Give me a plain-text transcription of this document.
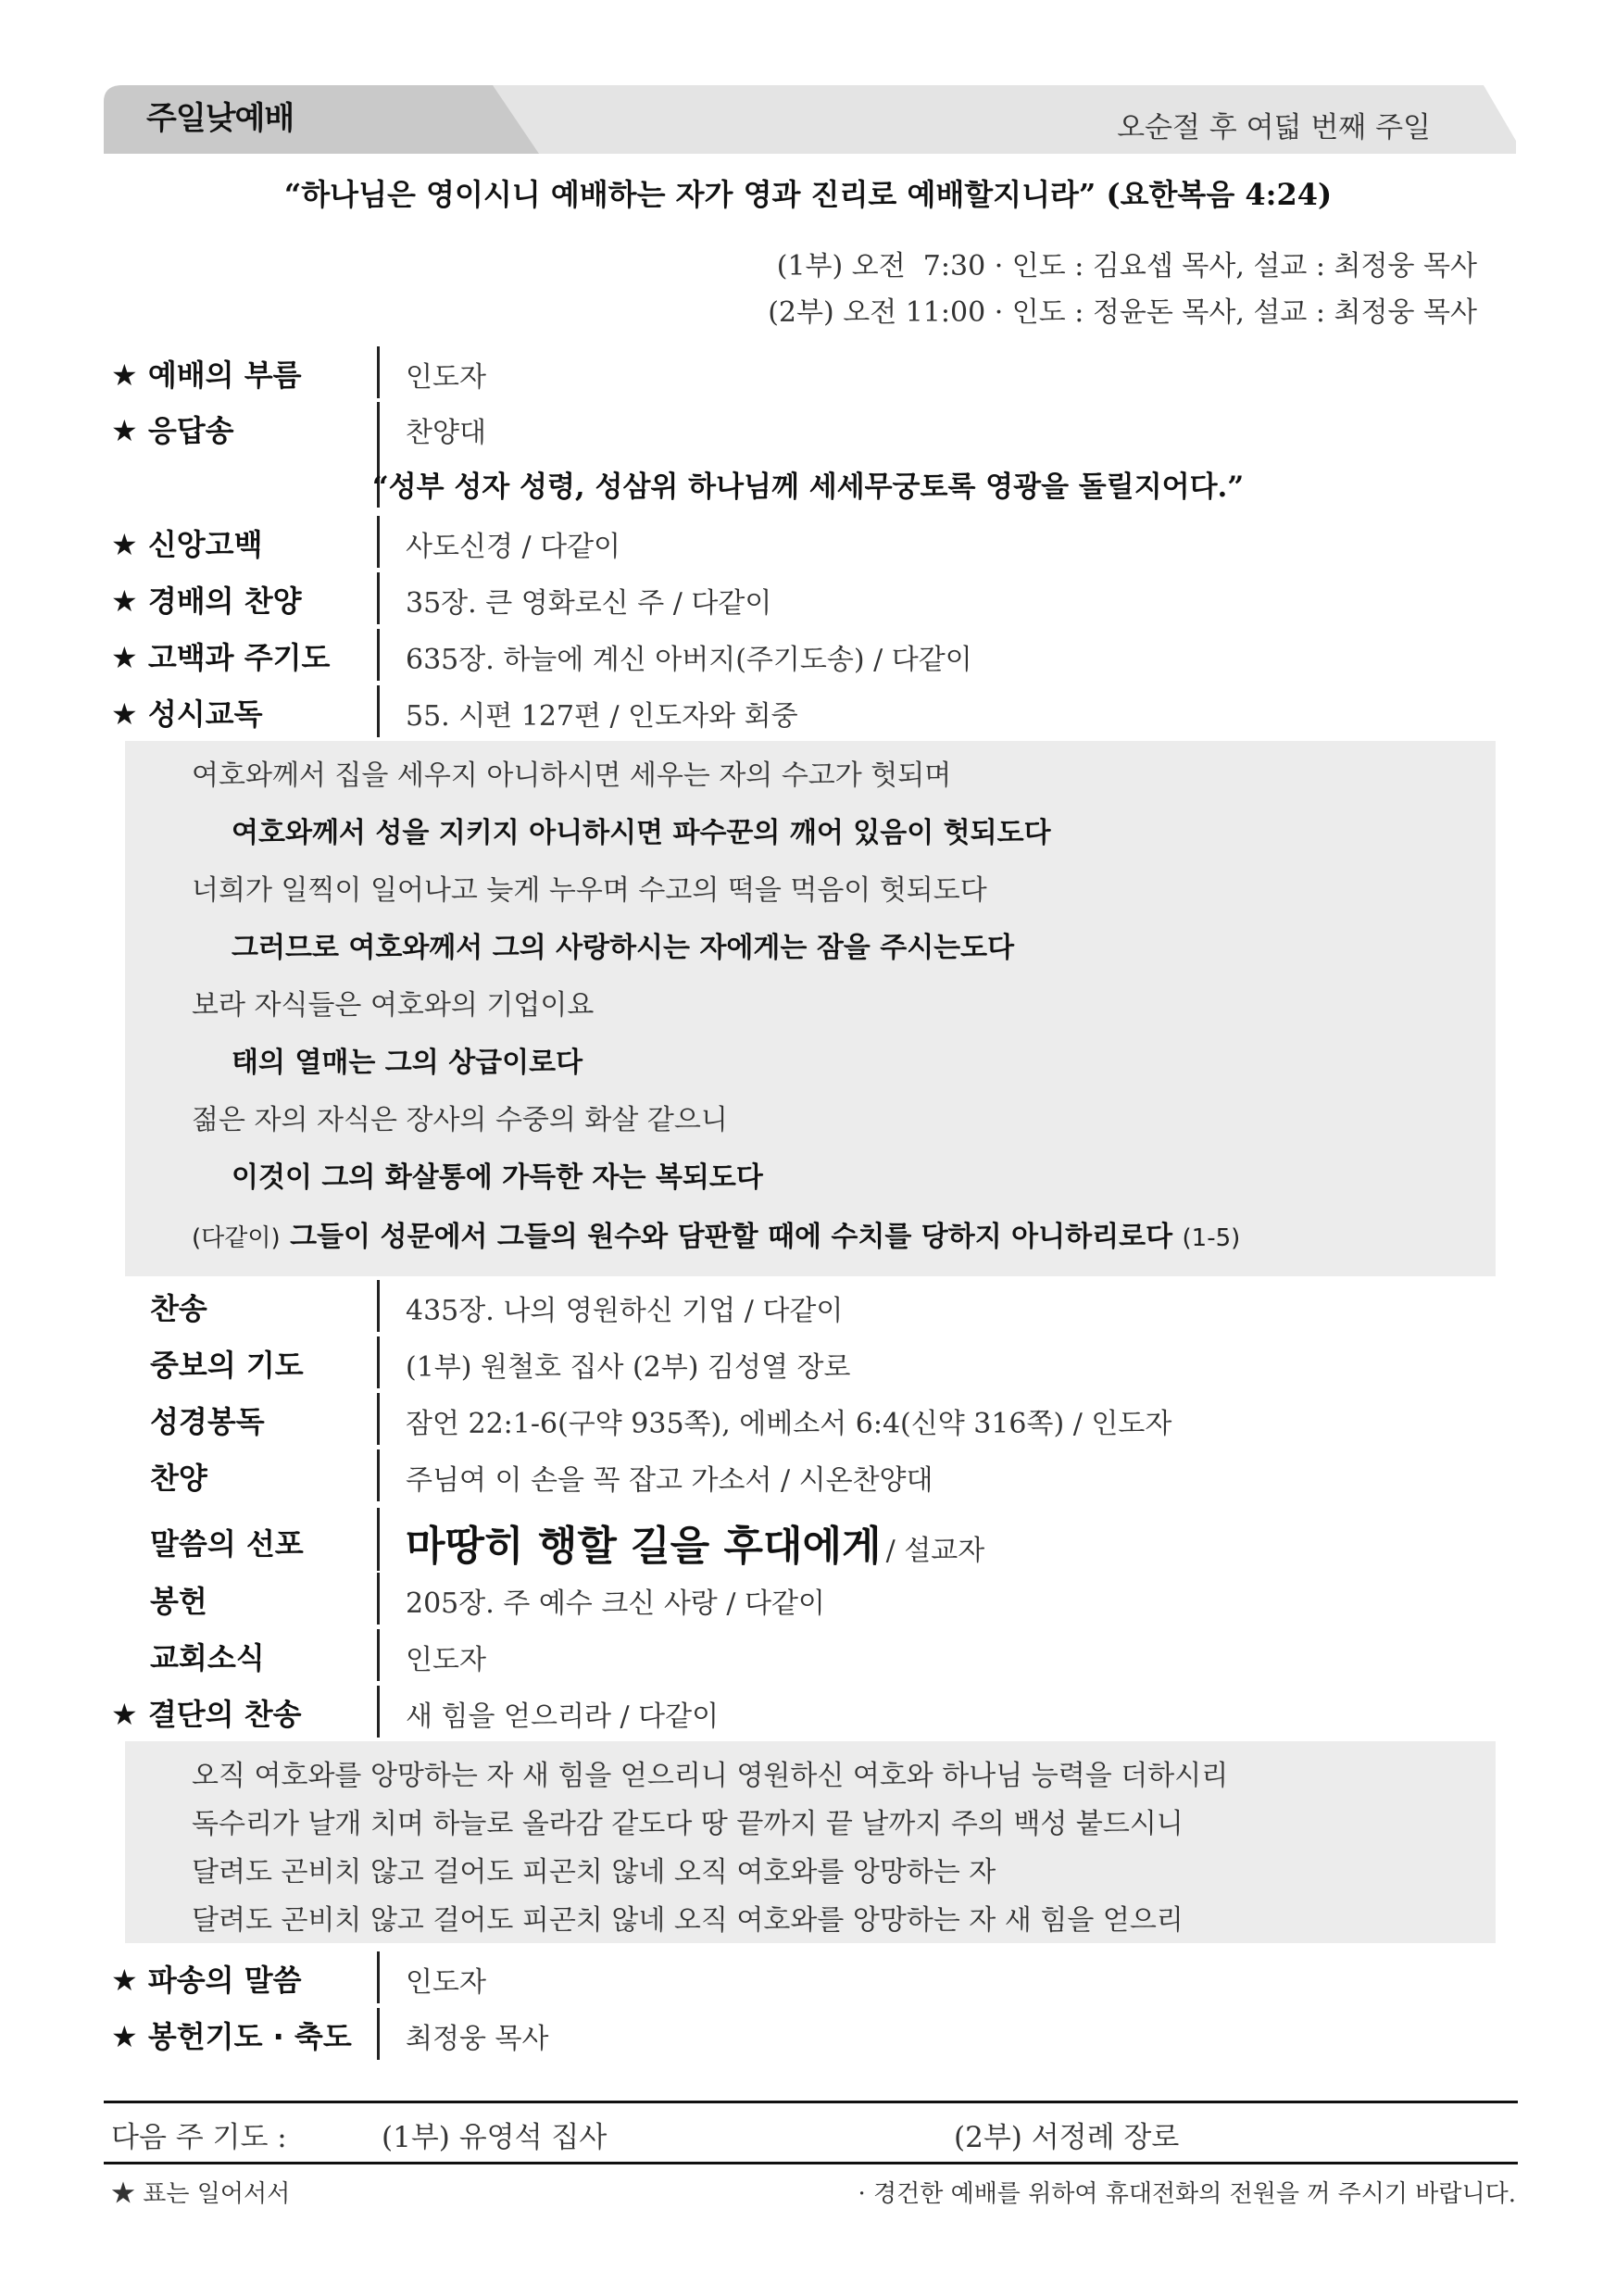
주일낮예배	오순절 후 여덟 번째 주일
“하나님은 영이시니 예배하는 자가 영과 진리로 예배할지니라” (요한복음 4:24)
(1부) 오전  7:30 · 인도 : 김요셉 목사, 설교 : 최정웅 목사
(2부) 오전 11:00 · 인도 : 정윤돈 목사, 설교 : 최정웅 목사
★ 예배의 부름	인도자
★ 응답송	찬양대
“성부 성자 성령, 성삼위 하나님께 세세무궁토록 영광을 돌릴지어다.”
★ 신앙고백	사도신경 / 다같이
★ 경배의 찬양	35장. 큰 영화로신 주 / 다같이
★ 고백과 주기도	635장. 하늘에 계신 아버지(주기도송) / 다같이
★ 성시교독	55. 시편 127편 / 인도자와 회중
여호와께서 집을 세우지 아니하시면 세우는 자의 수고가 헛되며
여호와께서 성을 지키지 아니하시면 파수꾼의 깨어 있음이 헛되도다
너희가 일찍이 일어나고 늦게 누우며 수고의 떡을 먹음이 헛되도다
그러므로 여호와께서 그의 사랑하시는 자에게는 잠을 주시는도다
보라 자식들은 여호와의 기업이요
태의 열매는 그의 상급이로다
젊은 자의 자식은 장사의 수중의 화살 같으니
이것이 그의 화살통에 가득한 자는 복되도다
(다같이) 그들이 성문에서 그들의 원수와 담판할 때에 수치를 당하지 아니하리로다 (1-5)
찬송	435장. 나의 영원하신 기업 / 다같이
중보의 기도	(1부) 원철호 집사 (2부) 김성열 장로
성경봉독	잠언 22:1-6(구약 935쪽), 에베소서 6:4(신약 316쪽) / 인도자
찬양	주님여 이 손을 꼭 잡고 가소서 / 시온찬양대
말씀의 선포	마땅히 행할 길을 후대에게 / 설교자
봉헌	205장. 주 예수 크신 사랑 / 다같이
교회소식	인도자
★ 결단의 찬송	새 힘을 얻으리라 / 다같이
오직 여호와를 앙망하는 자 새 힘을 얻으리니 영원하신 여호와 하나님 능력을 더하시리
독수리가 날개 치며 하늘로 올라감 같도다 땅 끝까지 끝 날까지 주의 백성 붙드시니
달려도 곤비치 않고 걸어도 피곤치 않네 오직 여호와를 앙망하는 자
달려도 곤비치 않고 걸어도 피곤치 않네 오직 여호와를 앙망하는 자 새 힘을 얻으리
★ 파송의 말씀	인도자
★ 봉헌기도 · 축도 최정웅 목사
다음 주 기도 :	(1부) 유영석 집사	(2부) 서정례 장로
★ 표는 일어서서	· 경건한 예배를 위하여 휴대전화의 전원을 꺼 주시기 바랍니다.
